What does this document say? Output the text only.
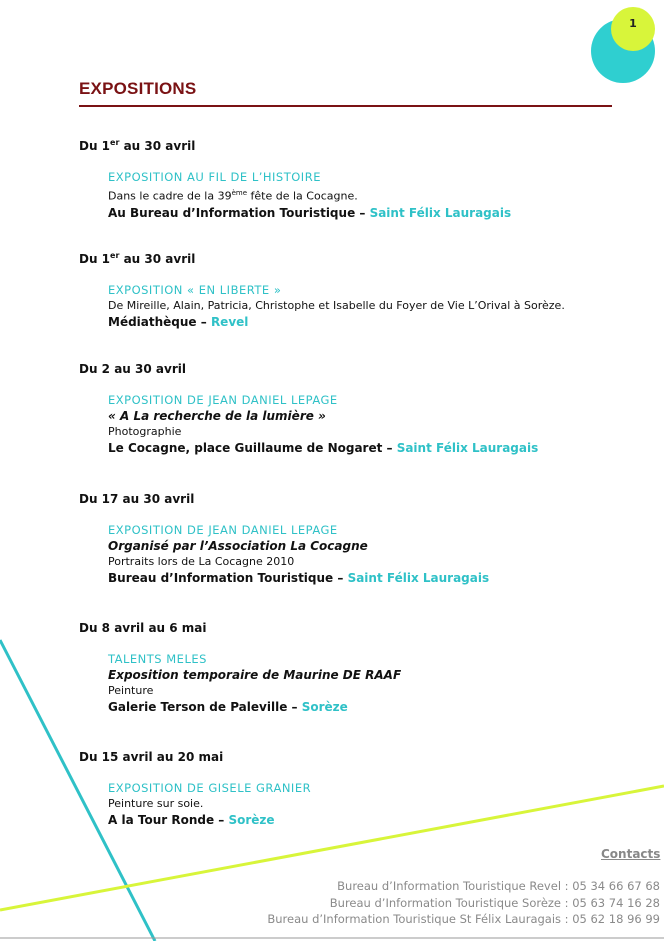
1
EXPOSITIONS
Du 1er au 30 avril
EXPOSITION AU FIL DE L’HISTOIRE
Dans le cadre de la 39ème fête de la Cocagne.
Au Bureau d’Information Touristique – Saint Félix Lauragais
Du 1er au 30 avril
EXPOSITION « EN LIBERTE »
De Mireille, Alain, Patricia, Christophe et Isabelle du Foyer de Vie L’Orival à Sorèze.
Médiathèque – Revel
Du 2 au 30 avril
EXPOSITION DE JEAN DANIEL LEPAGE
« A La recherche de la lumière »
Photographie
Le Cocagne, place Guillaume de Nogaret – Saint Félix Lauragais
Du 17 au 30 avril
EXPOSITION DE JEAN DANIEL LEPAGE
Organisé par l’Association La Cocagne
Portraits lors de La Cocagne 2010
Bureau d’Information Touristique – Saint Félix Lauragais
Du 8 avril au 6 mai
TALENTS MELES
Exposition temporaire de Maurine DE RAAF
Peinture
Galerie Terson de Paleville – Sorèze
Du 15 avril au 20 mai
EXPOSITION DE GISELE GRANIER
Peinture sur soie.
A la Tour Ronde – Sorèze
Contacts
Bureau d’Information Touristique Revel : 05 34 66 67 68
Bureau d’Information Touristique Sorèze : 05 63 74 16 28
Bureau d’Information Touristique St Félix Lauragais : 05 62 18 96 99
